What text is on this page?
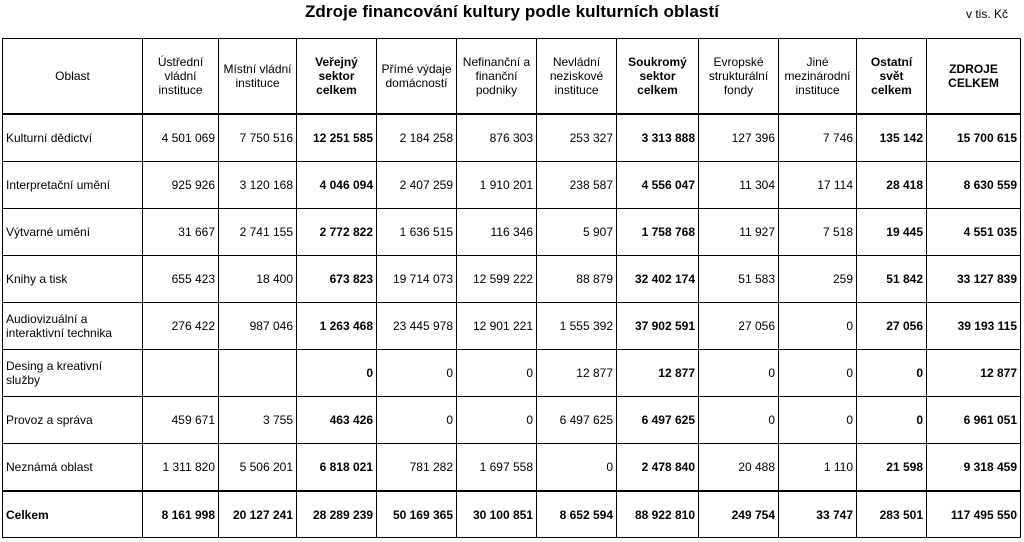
Zdroje financování kultury podle kulturních oblastí	v tis. Kč
Oblast	Ústřední vládní instituce	Místní vládní instituce	Veřejný sektor celkem	Přímé výdaje domácností	Nefinanční a finanční podniky	Nevládní neziskové instituce	Soukromý sektor celkem	Evropské strukturální fondy	Jiné mezinárodní instituce	Ostatní svět celkem	ZDROJE CELKEM
Kulturní dědictví	4 501 069	7 750 516	12 251 585	2 184 258	876 303	253 327	3 313 888	127 396	7 746	135 142	15 700 615
Interpretační umění	925 926	3 120 168	4 046 094	2 407 259	1 910 201	238 587	4 556 047	11 304	17 114	28 418	8 630 559
Výtvarné umění	31 667	2 741 155	2 772 822	1 636 515	116 346	5 907	1 758 768	11 927	7 518	19 445	4 551 035
Knihy a tisk	655 423	18 400	673 823	19 714 073	12 599 222	88 879	32 402 174	51 583	259	51 842	33 127 839
Audiovizuální a interaktivní technika	276 422	987 046	1 263 468	23 445 978	12 901 221	1 555 392	37 902 591	27 056	0	27 056	39 193 115
Desing a kreativní služby			0	0	0	12 877	12 877	0	0	0	12 877
Provoz a správa	459 671	3 755	463 426	0	0	6 497 625	6 497 625	0	0	0	6 961 051
Neznámá oblast	1 311 820	5 506 201	6 818 021	781 282	1 697 558	0	2 478 840	20 488	1 110	21 598	9 318 459
Celkem	8 161 998	20 127 241	28 289 239	50 169 365	30 100 851	8 652 594	88 922 810	249 754	33 747	283 501	117 495 550
